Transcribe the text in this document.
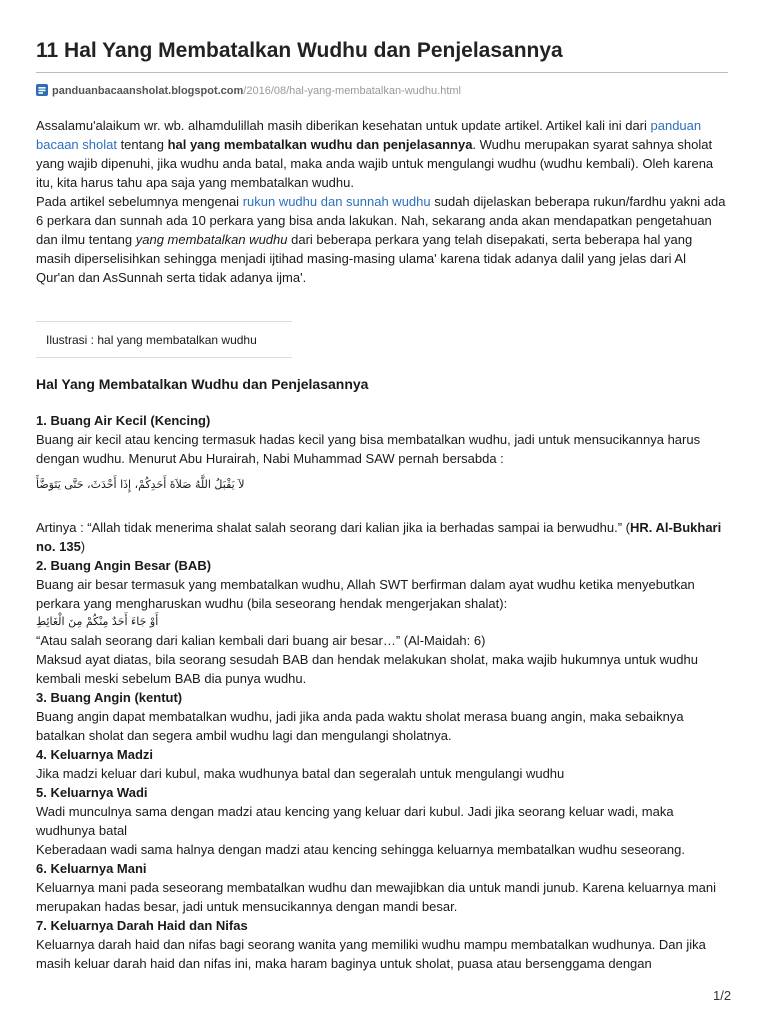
11 Hal Yang Membatalkan Wudhu dan Penjelasannya
panduanbacaansholat.blogspot.com/2016/08/hal-yang-membatalkan-wudhu.html

Assalamu'alaikum wr. wb. alhamdulillah masih diberikan kesehatan untuk update artikel. Artikel kali ini dari panduan bacaan sholat tentang hal yang membatalkan wudhu dan penjelasannya. Wudhu merupakan syarat sahnya sholat yang wajib dipenuhi, jika wudhu anda batal, maka anda wajib untuk mengulangi wudhu (wudhu kembali). Oleh karena itu, kita harus tahu apa saja yang membatalkan wudhu.

Pada artikel sebelumnya mengenai rukun wudhu dan sunnah wudhu sudah dijelaskan beberapa rukun/fardhu yakni ada 6 perkara dan sunnah ada 10 perkara yang bisa anda lakukan. Nah, sekarang anda akan mendapatkan pengetahuan dan ilmu tentang yang membatalkan wudhu dari beberapa perkara yang telah disepakati, serta beberapa hal yang masih diperselisihkan sehingga menjadi ijtihad masing-masing ulama' karena tidak adanya dalil yang jelas dari Al Qur'an dan AsSunnah serta tidak adanya ijma'.

Ilustrasi : hal yang membatalkan wudhu
Hal Yang Membatalkan Wudhu dan Penjelasannya

1. Buang Air Kecil (Kencing)

Buang air kecil atau kencing termasuk hadas kecil yang bisa membatalkan wudhu, jadi untuk mensucikannya harus dengan wudhu. Menurut Abu Hurairah, Nabi Muhammad SAW pernah bersabda :

لاَ يَقْبَلُ اللَّهُ صَلاَةَ أَحَدِكُمْ، إِذَا أَحْدَثَ، حَتَّى يَتَوَضَّأَ

Artinya : “Allah tidak menerima shalat salah seorang dari kalian jika ia berhadas sampai ia berwudhu.” (HR. Al-Bukhari no. 135)

2. Buang Angin Besar (BAB)

Buang air besar termasuk yang membatalkan wudhu, Allah SWT berfirman dalam ayat wudhu ketika menyebutkan perkara yang mengharuskan wudhu (bila seseorang hendak mengerjakan shalat):

أَوْ جَاءَ أَحَدٌ مِنْكُمْ مِنَ الْغَائِطِ

“Atau salah seorang dari kalian kembali dari buang air besar…” (Al-Maidah: 6)

Maksud ayat diatas, bila seorang sesudah BAB dan hendak melakukan sholat, maka wajib hukumnya untuk wudhu kembali meski sebelum BAB dia punya wudhu.

3. Buang Angin (kentut)

Buang angin dapat membatalkan wudhu, jadi jika anda pada waktu sholat merasa buang angin, maka sebaiknya batalkan sholat dan segera ambil wudhu lagi dan mengulangi sholatnya.

4. Keluarnya Madzi

Jika madzi keluar dari kubul, maka wudhunya batal dan segeralah untuk mengulangi wudhu

5. Keluarnya Wadi

Wadi munculnya sama dengan madzi atau kencing yang keluar dari kubul. Jadi jika seorang keluar wadi, maka wudhunya batal

Keberadaan wadi sama halnya dengan madzi atau kencing sehingga keluarnya membatalkan wudhu seseorang.

6. Keluarnya Mani

Keluarnya mani pada seseorang membatalkan wudhu dan mewajibkan dia untuk mandi junub. Karena keluarnya mani merupakan hadas besar, jadi untuk mensucikannya dengan mandi besar.

7. Keluarnya Darah Haid dan Nifas

Keluarnya darah haid dan nifas bagi seorang wanita yang memiliki wudhu mampu membatalkan wudhunya. Dan jika masih keluar darah haid dan nifas ini, maka haram baginya untuk sholat, puasa atau bersenggama dengan

1/2
